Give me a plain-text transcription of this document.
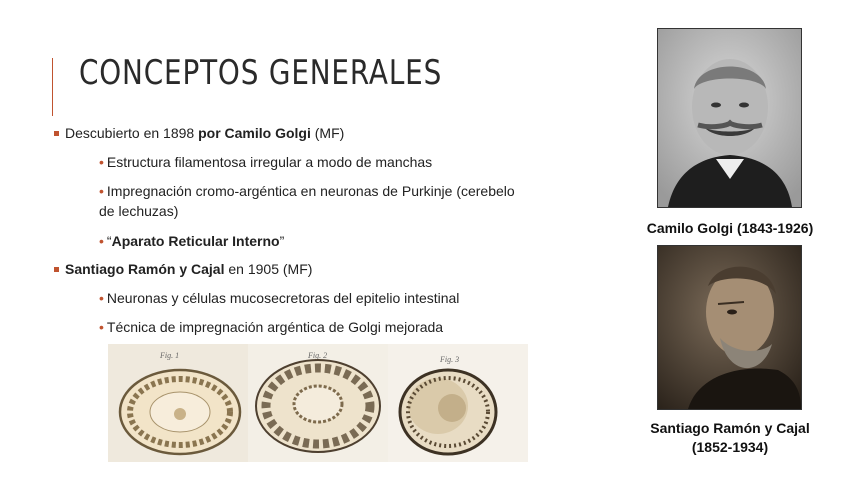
CONCEPTOS GENERALES
Descubierto en 1898 por Camilo Golgi (MF)
• Estructura filamentosa irregular a modo de manchas
• Impregnación cromo-argéntica en neuronas de Purkinje (cerebelo
de lechuzas)
• “Aparato Reticular Interno”
Santiago Ramón y Cajal en 1905 (MF)
• Neuronas y células mucosecretoras del epitelio intestinal
• Técnica de impregnación argéntica de Golgi mejorada
Fig. 1	Fig. 2	Fig. 3
Camilo Golgi (1843-1926)
Santiago Ramón y Cajal
(1852-1934)
